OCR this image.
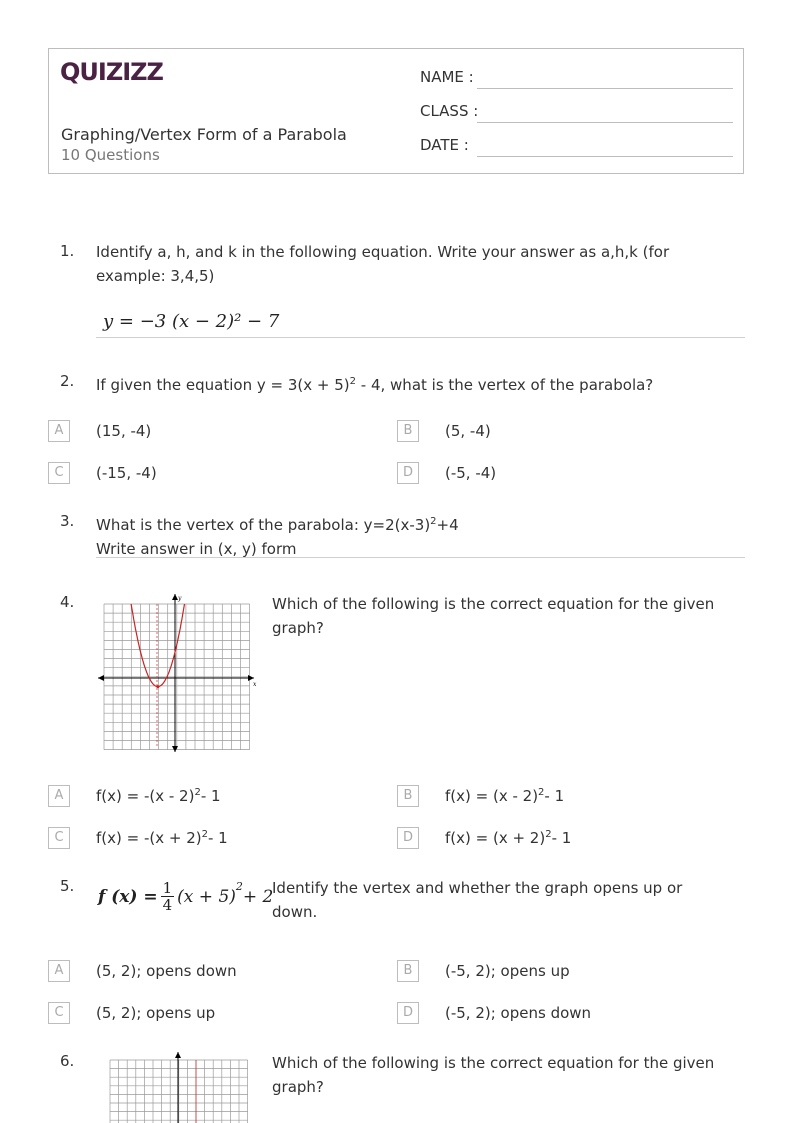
QUIZIZZ
Graphing/Vertex Form of a Parabola
10 Questions
NAME :
CLASS :
DATE :
1. Identify a, h, and k in the following equation. Write your answer as a,h,k (for example: 3,4,5)
y = −3 (x − 2)² − 7
2. If given the equation $y = 3(x + 5)^2 - 4$, what is the vertex of the parabola?
A	(15, -4)	B	(5, -4)
C	(-15, -4)	D	(-5, -4)
3. What is the vertex of the parabola: $y=2(x-3)^2+4$
Write answer in (x, y) form
4.
x
y	Which of the following is the correct equation for the given graph?
A	f(x) = -(x - 2)$^2$- 1	B	f(x) = (x - 2)$^2$- 1
C	$f(x) = -(x + 2)^2-$ 1	D	$f(x) = (x + 2)^2-$ 1
5.
f $(x) = \frac{1}{4} (x + 5)^2 + 2$
Identify the vertex and whether the graph opens up or down.
A	(5, 2); opens down	B	(-5, 2); opens up
C	(5, 2); opens up	D	(-5, 2); opens down
6.	Which of the following is the correct equation for the given graph?
